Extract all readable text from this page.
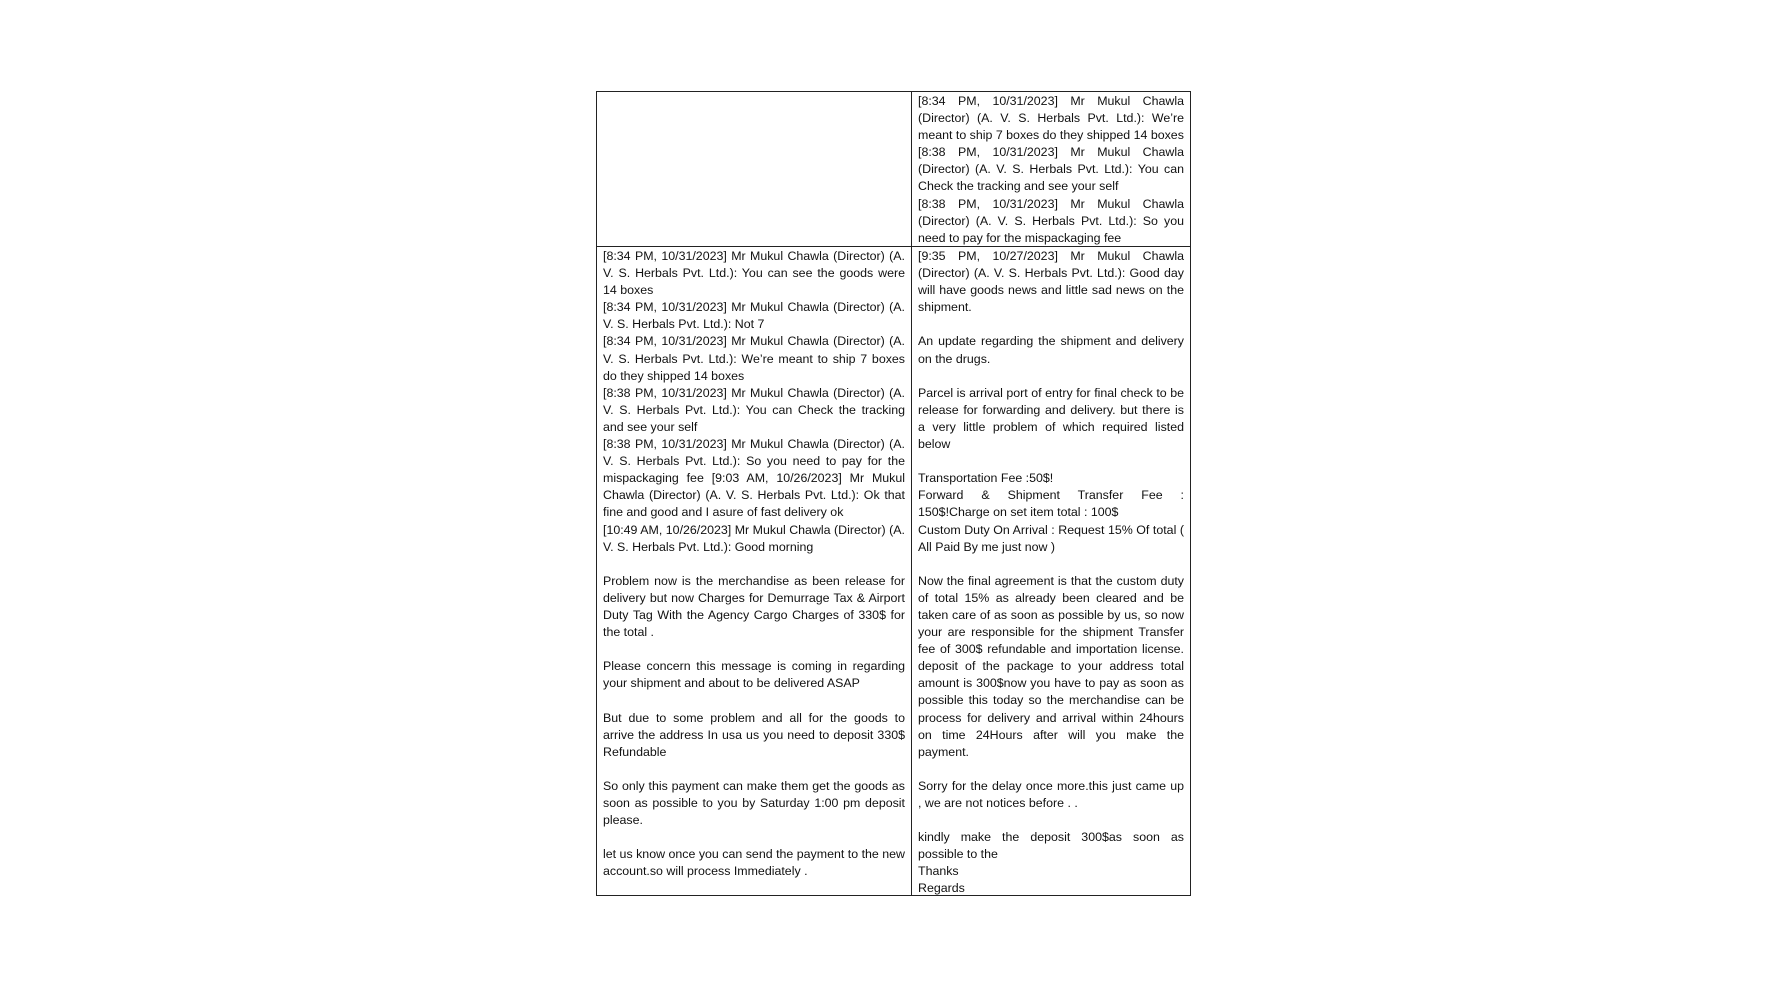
[8:34 PM, 10/31/2023] Mr Mukul Chawla (Director) (A. V. S. Herbals Pvt. Ltd.): We’re meant to ship 7 boxes do they shipped 14 boxes
[8:38 PM, 10/31/2023] Mr Mukul Chawla (Director) (A. V. S. Herbals Pvt. Ltd.): You can Check the tracking and see your self
[8:38 PM, 10/31/2023] Mr Mukul Chawla (Director) (A. V. S. Herbals Pvt. Ltd.): So you need to pay for the mispackaging fee
[8:34 PM, 10/31/2023] Mr Mukul Chawla (Director) (A. V. S. Herbals Pvt. Ltd.): You can see the goods were 14 boxes
[8:34 PM, 10/31/2023] Mr Mukul Chawla (Director) (A. V. S. Herbals Pvt. Ltd.): Not 7
[8:34 PM, 10/31/2023] Mr Mukul Chawla (Director) (A. V. S. Herbals Pvt. Ltd.): We’re meant to ship 7 boxes do they shipped 14 boxes
[8:38 PM, 10/31/2023] Mr Mukul Chawla (Director) (A. V. S. Herbals Pvt. Ltd.): You can Check the tracking and see your self
[8:38 PM, 10/31/2023] Mr Mukul Chawla (Director) (A. V. S. Herbals Pvt. Ltd.): So you need to pay for the mispackaging fee [9:03 AM, 10/26/2023] Mr Mukul Chawla (Director) (A. V. S. Herbals Pvt. Ltd.): Ok that fine and good and I asure of fast delivery ok
[10:49 AM, 10/26/2023] Mr Mukul Chawla (Director) (A. V. S. Herbals Pvt. Ltd.): Good morning
Problem now is the merchandise as been release for delivery but now Charges for Demurrage Tax & Airport Duty Tag With the Agency Cargo Charges of 330$ for the total .
Please concern this message is coming in regarding your shipment and about to be delivered ASAP
But due to some problem and all for the goods to arrive the address In usa us you need to deposit 330$ Refundable
So only this payment can make them get the goods as soon as possible to you by Saturday 1:00 pm deposit please.
let us know once you can send the payment to the new account.so will process Immediately .
[9:35 PM, 10/27/2023] Mr Mukul Chawla (Director) (A. V. S. Herbals Pvt. Ltd.): Good day will have goods news and little sad news on the shipment.
An update regarding the shipment and delivery on the drugs.
Parcel is arrival port of entry for final check to be release for forwarding and delivery. but there is a very little problem of which required listed below
Transportation Fee :50$!
Forward & Shipment Transfer Fee : 150$!Charge on set item total : 100$
Custom Duty On Arrival : Request 15% Of total ( All Paid By me just now )
Now the final agreement is that the custom duty of total 15% as already been cleared and be taken care of as soon as possible by us, so now your are responsible for the shipment Transfer fee of 300$ refundable and importation license. deposit of the package to your address total amount is 300$now you have to pay as soon as possible this today so the merchandise can be process for delivery and arrival within 24hours on time 24Hours after will you make the payment.
Sorry for the delay once more.this just came up , we are not notices before . .
kindly make the deposit 300$as soon as possible to the
Thanks
Regards
